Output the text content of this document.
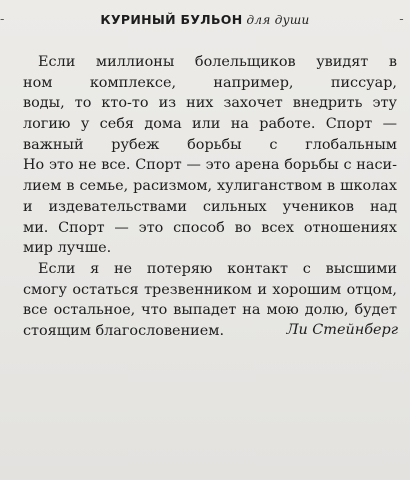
-	КУРИНЫЙ БУЛЬОН для души	-
Если миллионы болельщиков увидят в
ном комплексе, например, писсуар,
воды, то кто-то из них захочет внедрить эту
логию у себя дома или на работе. Спорт —
важный рубеж борьбы с глобальным
Но это не все. Спорт — это арена борьбы с наси-
лием в семье, расизмом, хулиганством в школах
и издевательствами сильных учеников над
ми. Спорт — это способ во всех отношениях
мир лучше.
Если я не потеряю контакт с высшими
смогу остаться трезвенником и хорошим отцом,
все остальное, что выпадет на мою долю, будет
стоящим благословением.	Ли Стейнберг
